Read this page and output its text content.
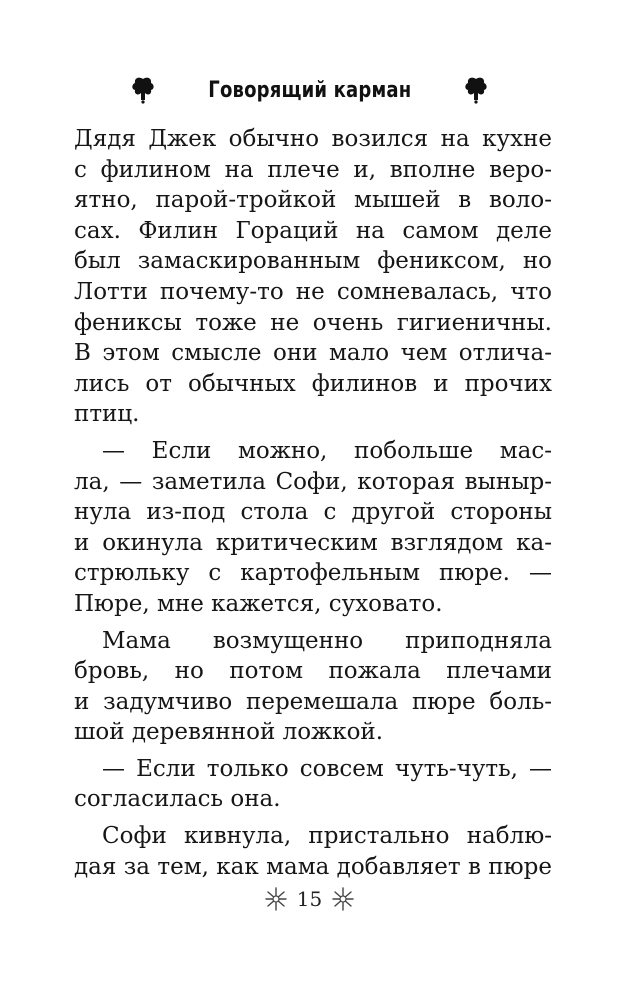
Говорящий карман
Дядя Джек обычно возился на кухне
с филином на плече и, вполне веро-
ятно, парой-тройкой мышей в воло-
сах. Филин Гораций на самом деле
был замаскированным фениксом, но
Лотти почему-то не сомневалась, что
фениксы тоже не очень гигиеничны.
В этом смысле они мало чем отлича-
лись от обычных филинов и прочих
птиц.
— Если можно, побольше мас-
ла, — заметила Софи, которая выныр-
нула из-под стола с другой стороны
и окинула критическим взглядом ка-
стрюльку с картофельным пюре. —
Пюре, мне кажется, суховато.
Мама возмущенно приподняла
бровь, но потом пожала плечами
и задумчиво перемешала пюре боль-
шой деревянной ложкой.
— Если только совсем чуть-чуть, —
согласилась она.
Софи кивнула, пристально наблю-
дая за тем, как мама добавляет в пюре
15
